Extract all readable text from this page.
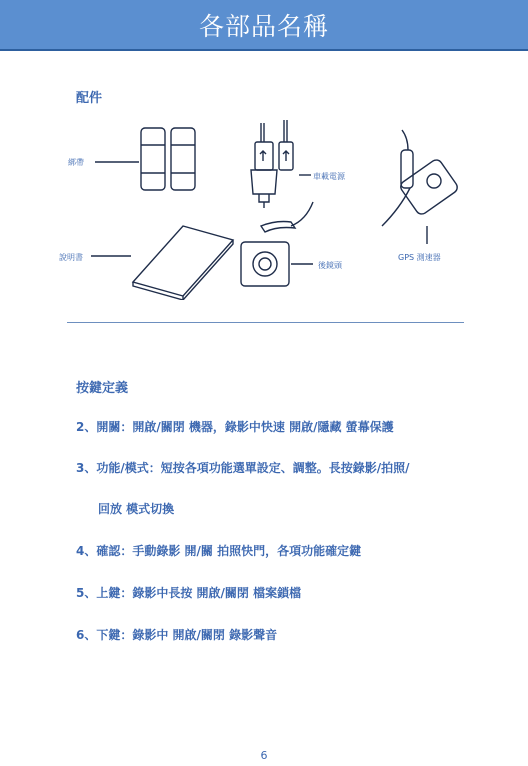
各部品名稱
配件
綁帶
車載電源
GPS 測速器
說明書
後鏡頭
按鍵定義
2、開關：開啟/關閉 機器，錄影中快速 開啟/隱藏 螢幕保護
3、功能/模式：短按各項功能選單設定、調整。長按錄影/拍照/
回放 模式切換
4、確認：手動錄影 開/關 拍照快門，各項功能確定鍵
5、上鍵：錄影中長按 開啟/關閉 檔案鎖檔
6、下鍵：錄影中 開啟/關閉 錄影聲音
6
